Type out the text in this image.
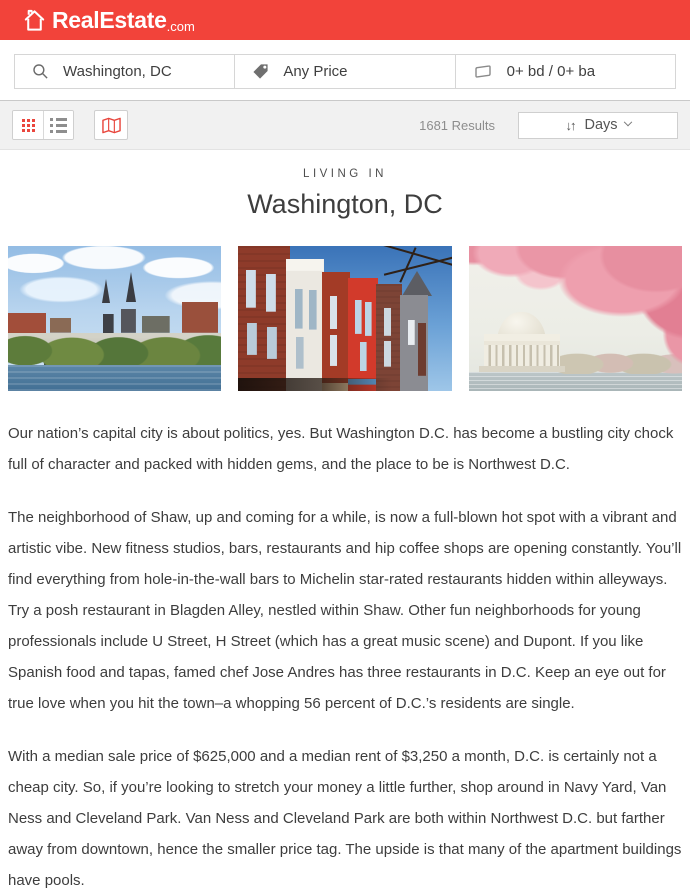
RealEstate .com
Washington, DC	Any Price	0+ bd / 0+ ba
1681 Results	↓↑ Days
LIVING IN
Washington, DC

Our nation’s capital city is about politics, yes. But Washington D.C. has become a bustling city chock full of character and packed with hidden gems, and the place to be is Northwest D.C.

The neighborhood of Shaw, up and coming for a while, is now a full-blown hot spot with a vibrant and artistic vibe. New fitness studios, bars, restaurants and hip coffee shops are opening constantly. You’ll find everything from hole-in-the-wall bars to Michelin star-rated restaurants hidden within alleyways. Try a posh restaurant in Blagden Alley, nestled within Shaw. Other fun neighborhoods for young professionals include U Street, H Street (which has a great music scene) and Dupont. If you like Spanish food and tapas, famed chef Jose Andres has three restaurants in D.C. Keep an eye out for true love when you hit the town–a whopping 56 percent of D.C.’s residents are single.

With a median sale price of $625,000 and a median rent of $3,250 a month, D.C. is certainly not a cheap city. So, if you’re looking to stretch your money a little further, shop around in Navy Yard, Van Ness and Cleveland Park. Van Ness and Cleveland Park are both within Northwest D.C. but farther away from downtown, hence the smaller price tag. The upside is that many of the apartment buildings have pools.
